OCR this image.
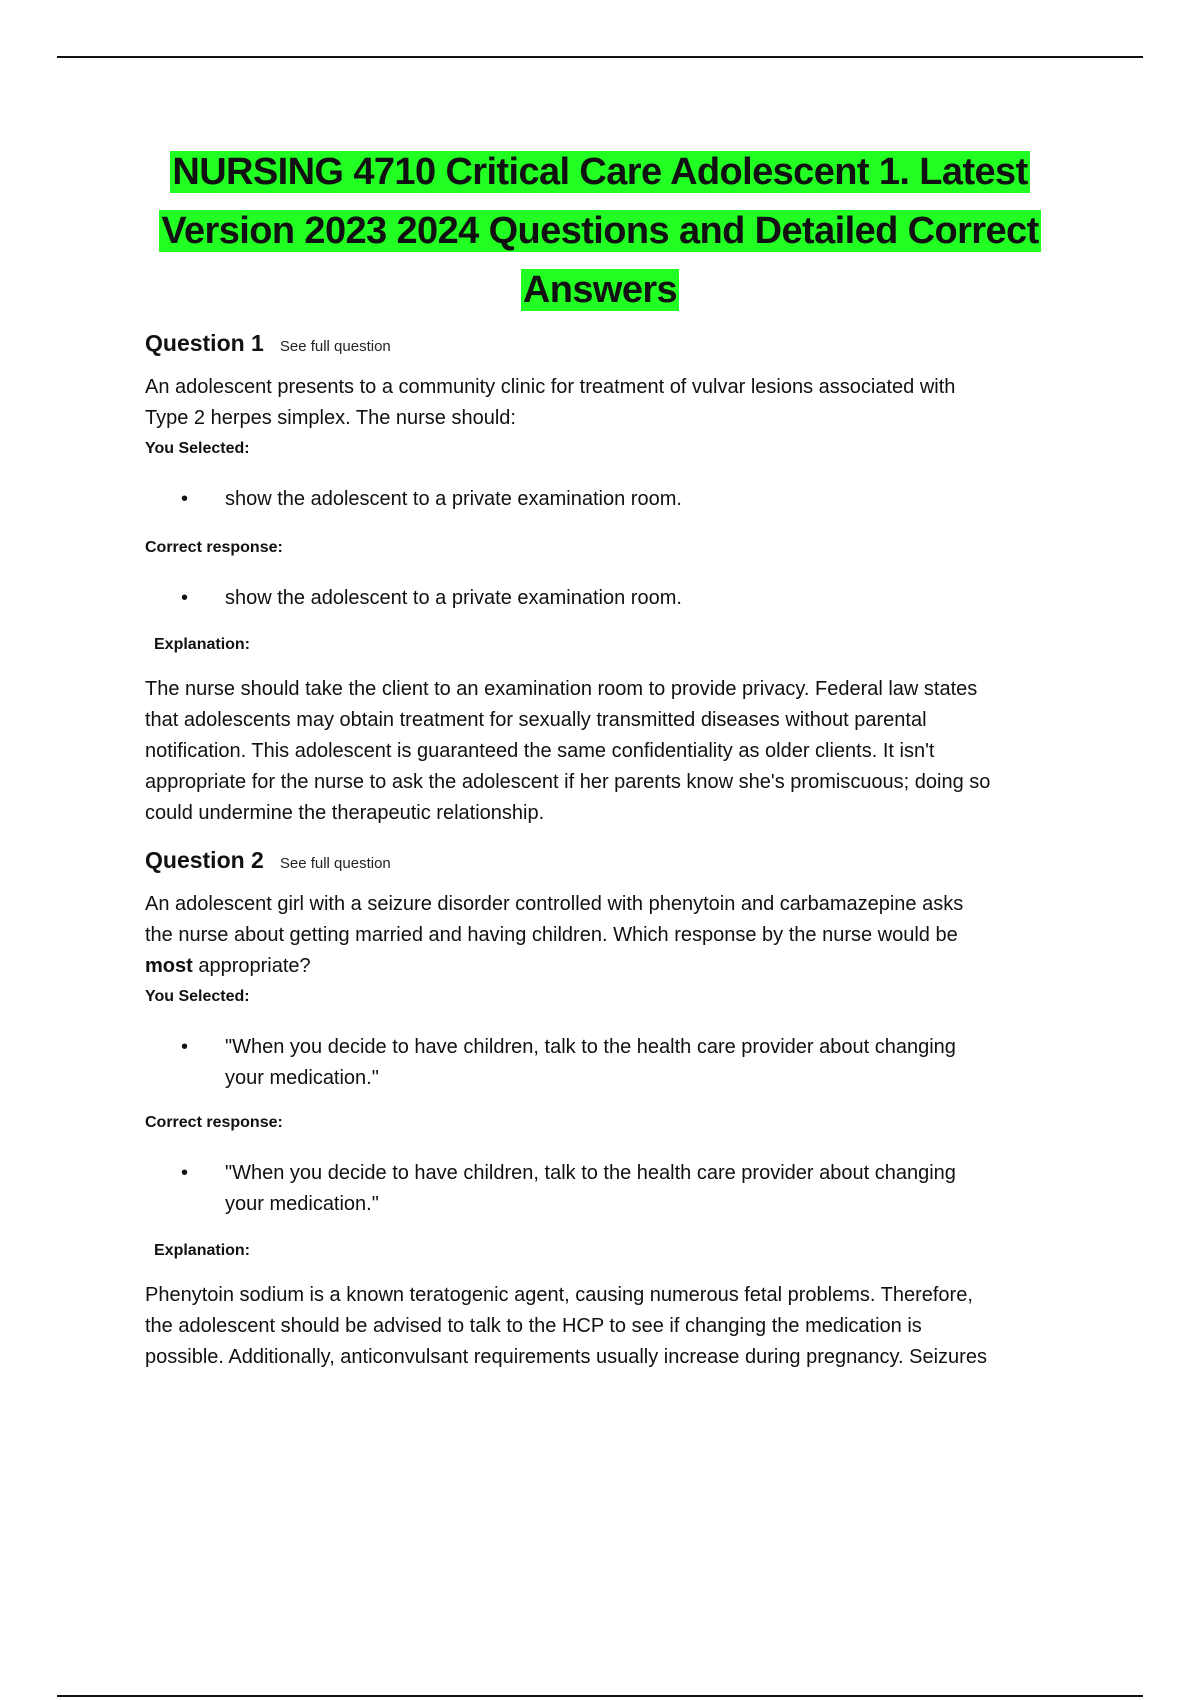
NURSING 4710 Critical Care Adolescent 1. Latest
Version 2023 2024 Questions and Detailed Correct
Answers
Question 1 See full question

An adolescent presents to a community clinic for treatment of vulvar lesions associated with
Type 2 herpes simplex. The nurse should:

You Selected:

• show the adolescent to a private examination room.

Correct response:

• show the adolescent to a private examination room.

Explanation:

The nurse should take the client to an examination room to provide privacy. Federal law states
that adolescents may obtain treatment for sexually transmitted diseases without parental
notification. This adolescent is guaranteed the same confidentiality as older clients. It isn't
appropriate for the nurse to ask the adolescent if her parents know she's promiscuous; doing so
could undermine the therapeutic relationship.

Question 2 See full question

An adolescent girl with a seizure disorder controlled with phenytoin and carbamazepine asks
the nurse about getting married and having children. Which response by the nurse would be
most appropriate?

You Selected:

• "When you decide to have children, talk to the health care provider about changing
your medication."

Correct response:

• "When you decide to have children, talk to the health care provider about changing
your medication."

Explanation:

Phenytoin sodium is a known teratogenic agent, causing numerous fetal problems. Therefore,
the adolescent should be advised to talk to the HCP to see if changing the medication is
possible. Additionally, anticonvulsant requirements usually increase during pregnancy. Seizures
